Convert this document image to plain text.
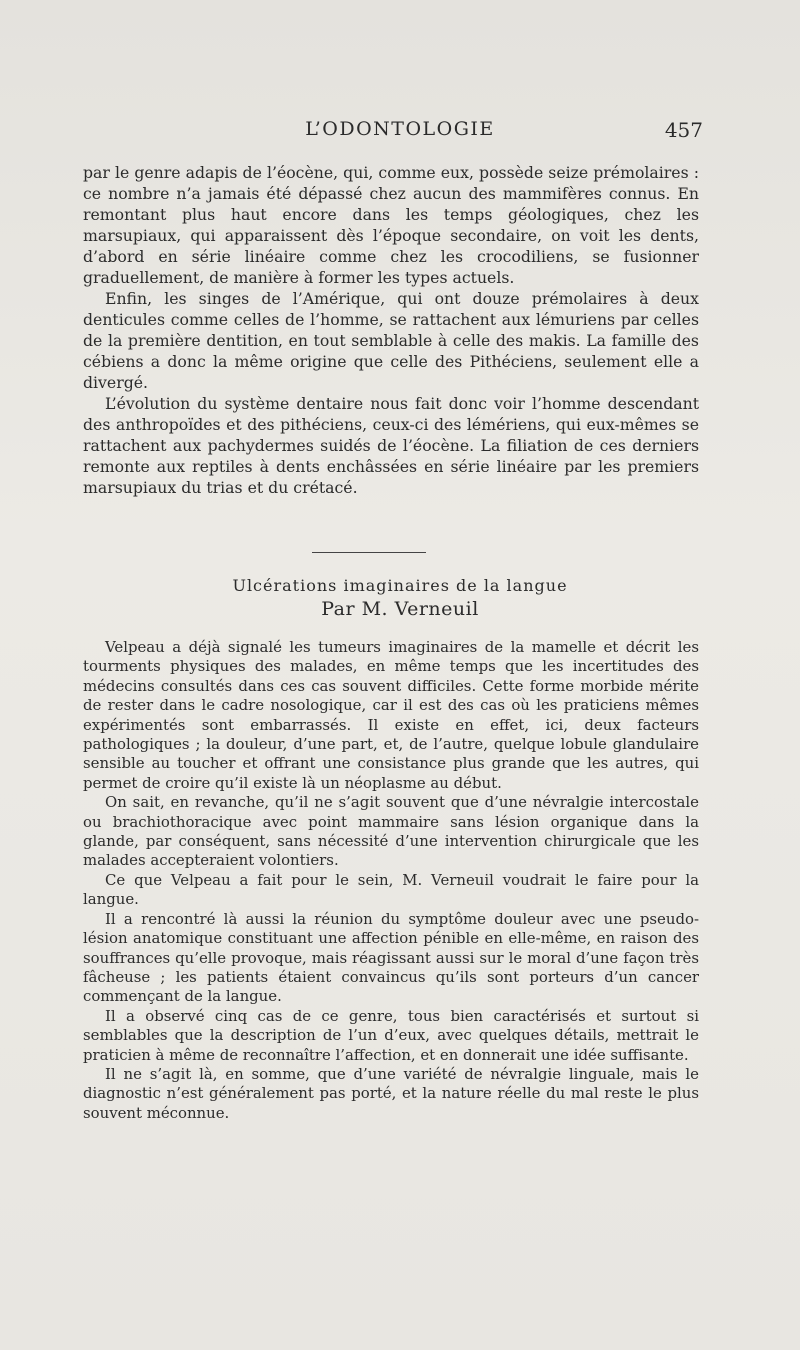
L’ODONTOLOGIE	457

par le genre adapis de l’éocène, qui, comme eux, possède seize prémolaires : ce nombre n’a jamais été dépassé chez aucun des mammifères connus. En remontant plus haut encore dans les temps géologiques, chez les marsupiaux, qui apparaissent dès l’époque secondaire, on voit les dents, d’abord en série linéaire comme chez les crocodiliens, se fusionner graduellement, de manière à former les types actuels.

Enfin, les singes de l’Amérique, qui ont douze prémolaires à deux denticules comme celles de l’homme, se rattachent aux lémuriens par celles de la première dentition, en tout semblable à celle des makis. La famille des cébiens a donc la même origine que celle des Pithéciens, seulement elle a divergé.

L’évolution du système dentaire nous fait donc voir l’homme descendant des anthropoïdes et des pithéciens, ceux-ci des lémériens, qui eux-mêmes se rattachent aux pachydermes suidés de l’éocène. La filiation de ces derniers remonte aux reptiles à dents enchâssées en série linéaire par les premiers marsupiaux du trias et du crétacé.

Ulcérations imaginaires de la langue
Par M. Verneuil

Velpeau a déjà signalé les tumeurs imaginaires de la mamelle et décrit les tourments physiques des malades, en même temps que les incertitudes des médecins consultés dans ces cas souvent difficiles. Cette forme morbide mérite de rester dans le cadre nosologique, car il est des cas où les praticiens mêmes expérimentés sont embarrassés. Il existe en effet, ici, deux facteurs pathologiques ; la douleur, d’une part, et, de l’autre, quelque lobule glandulaire sensible au toucher et offrant une consistance plus grande que les autres, qui permet de croire qu’il existe là un néoplasme au début.

On sait, en revanche, qu’il ne s’agit souvent que d’une névralgie intercostale ou brachiothoracique avec point mammaire sans lésion organique dans la glande, par conséquent, sans nécessité d’une intervention chirurgicale que les malades accepteraient volontiers.

Ce que Velpeau a fait pour le sein, M. Verneuil voudrait le faire pour la langue.

Il a rencontré là aussi la réunion du symptôme douleur avec une pseudo-lésion anatomique constituant une affection pénible en elle-même, en raison des souffrances qu’elle provoque, mais réagissant aussi sur le moral d’une façon très fâcheuse ; les patients étaient convaincus qu’ils sont porteurs d’un cancer commençant de la langue.

Il a observé cinq cas de ce genre, tous bien caractérisés et surtout si semblables que la description de l’un d’eux, avec quelques détails, mettrait le praticien à même de reconnaître l’affection, et en donnerait une idée suffisante.

Il ne s’agit là, en somme, que d’une variété de névralgie linguale, mais le diagnostic n’est généralement pas porté, et la nature réelle du mal reste le plus souvent méconnue.
